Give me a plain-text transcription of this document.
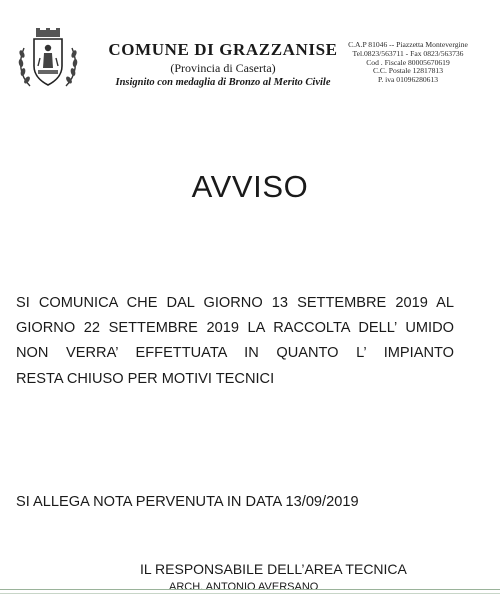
COMUNE DI GRAZZANISE
(Provincia di Caserta)
Insignito con medaglia di Bronzo al Merito Civile
C.A.P 81046 -- Piazzetta Montevergine
Tel.0823/563711 - Fax 0823/563736
Cod . Fiscale 80005670619
C.C. Postale 12817813
P. iva 01096280613
AVVISO
SI COMUNICA CHE DAL GIORNO 13 SETTEMBRE 2019 AL
GIORNO 22 SETTEMBRE 2019 LA RACCOLTA DELL’ UMIDO
NON VERRA’ EFFETTUATA IN QUANTO L’ IMPIANTO
RESTA CHIUSO PER MOTIVI TECNICI
SI ALLEGA NOTA PERVENUTA IN DATA 13/09/2019
IL RESPONSABILE DELL’AREA TECNICA
ARCH. ANTONIO AVERSANO
